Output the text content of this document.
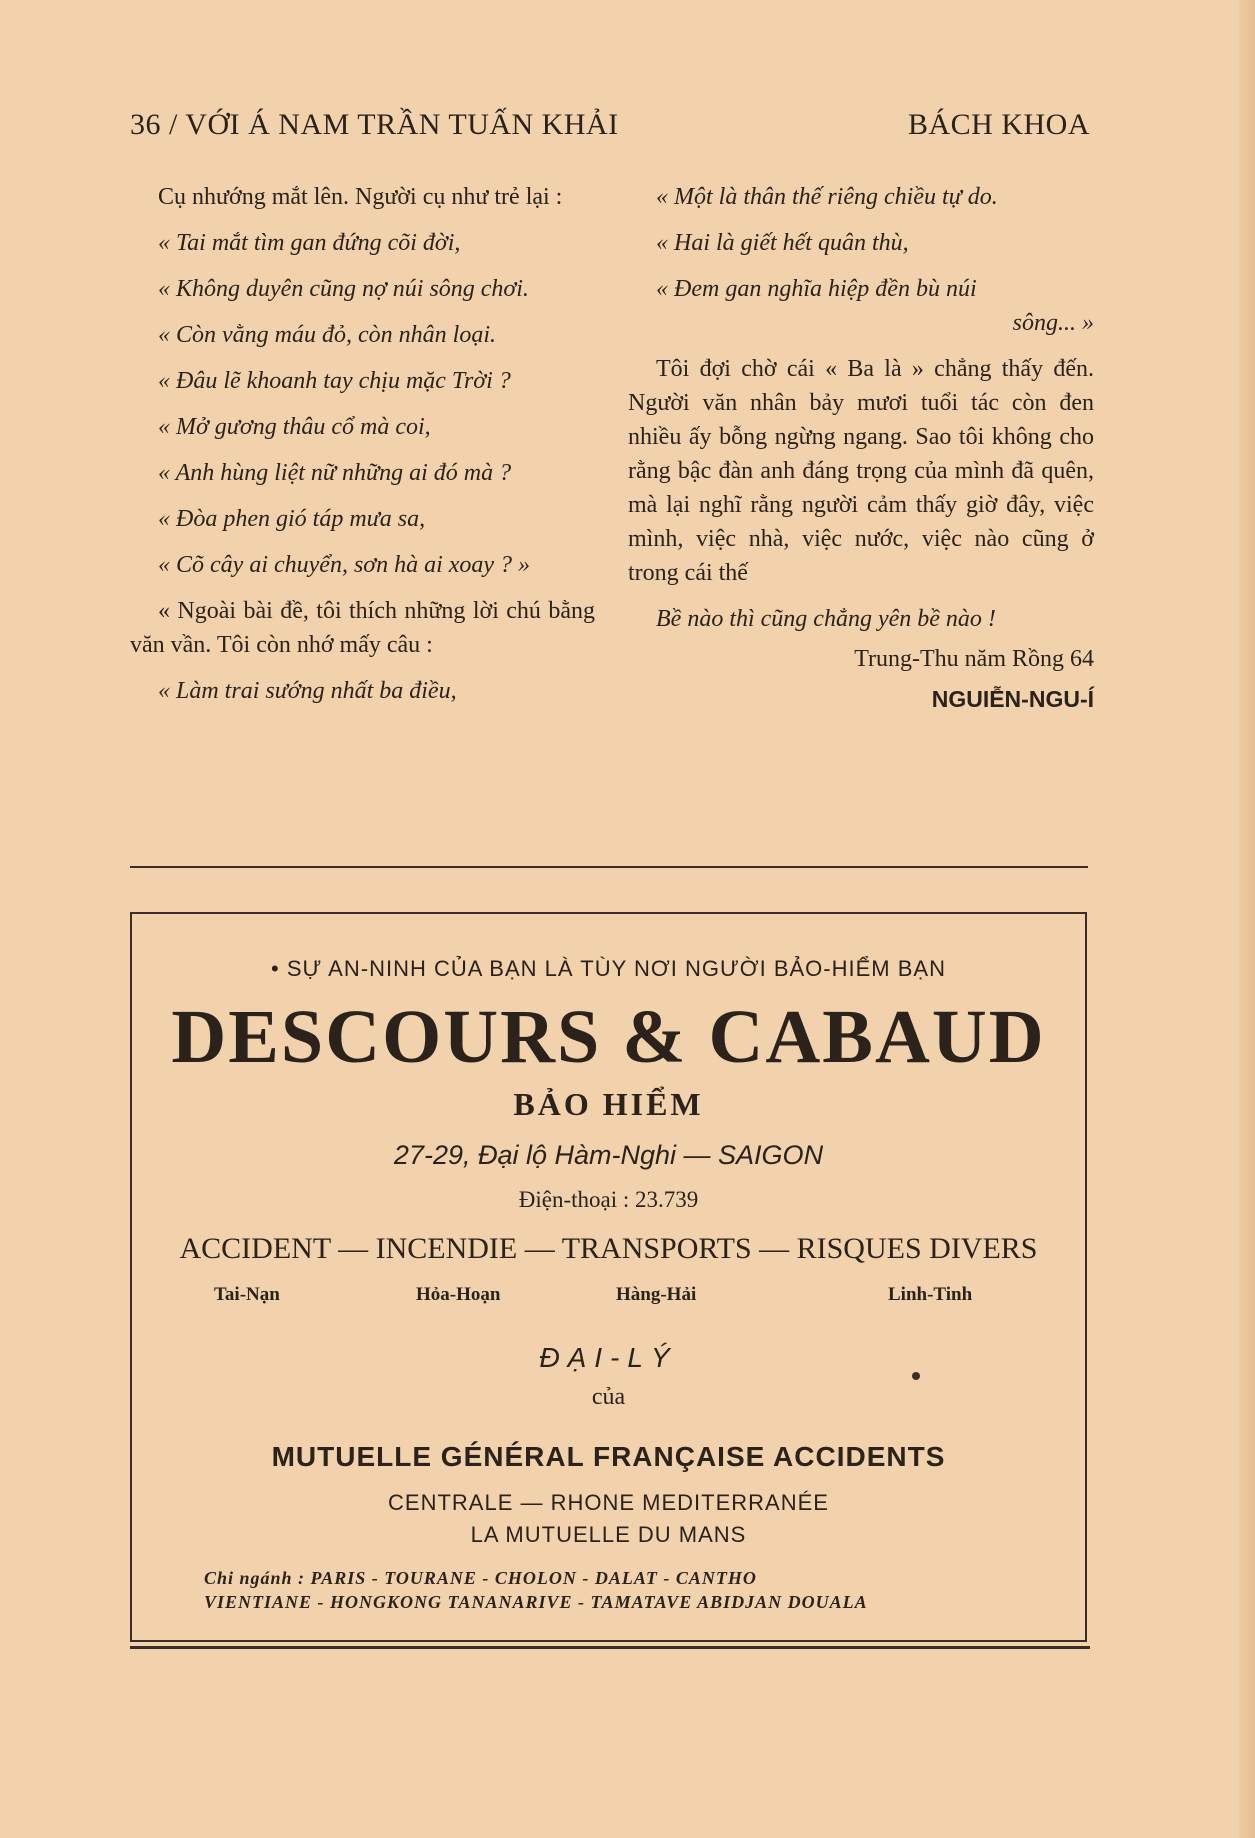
36 / VỚI Á NAM TRẦN TUẤN KHẢI	BÁCH KHOA

Cụ nhướng mắt lên. Người cụ như trẻ lại :

« Tai mắt tìm gan đứng cõi đời,
« Không duyên cũng nợ núi sông chơi.
« Còn vằng máu đỏ, còn nhân loại.
« Đâu lẽ khoanh tay chịu mặc Trời ?
« Mở gương thâu cổ mà coi,
« Anh hùng liệt nữ những ai đó mà ?
« Đòa phen gió táp mưa sa,
« Cõ cây ai chuyển, sơn hà ai xoay ? »

« Ngoài bài đề, tôi thích những lời chú bằng văn vần. Tôi còn nhớ mấy câu :

« Làm trai sướng nhất ba điều,
« Một là thân thế riêng chiều tự do.
« Hai là giết hết quân thù,
« Đem gan nghĩa hiệp đền bù núi
sông... »

Tôi đợi chờ cái « Ba là » chẳng thấy đến. Người văn nhân bảy mươi tuổi tác còn đen nhiều ấy bỗng ngừng ngang. Sao tôi không cho rằng bậc đàn anh đáng trọng của mình đã quên, mà lại nghĩ rằng người cảm thấy giờ đây, việc mình, việc nhà, việc nước, việc nào cũng ở trong cái thế

Bề nào thì cũng chẳng yên bề nào !
Trung-Thu năm Rồng 64
NGUIỄN-NGU-Í
• SỰ AN-NINH CỦA BẠN LÀ TÙY NƠI NGƯỜI BẢO-HIỂM BẠN
DESCOURS & CABAUD
BẢO HIỂM
27-29, Đại lộ Hàm-Nghi — SAIGON
Điện-thoại : 23.739
ACCIDENT — INCENDIE — TRANSPORTS — RISQUES DIVERS
Tai-Nạn	Hỏa-Hoạn	Hàng-Hải	Linh-Tinh
ĐẠI-LÝ
của
MUTUELLE GÉNÉRAL FRANÇAISE ACCIDENTS
CENTRALE — RHONE MEDITERRANÉE
LA MUTUELLE DU MANS
Chi ngánh : PARIS - TOURANE - CHOLON - DALAT - CANTHO
VIENTIANE - HONGKONG TANANARIVE - TAMATAVE ABIDJAN DOUALA
